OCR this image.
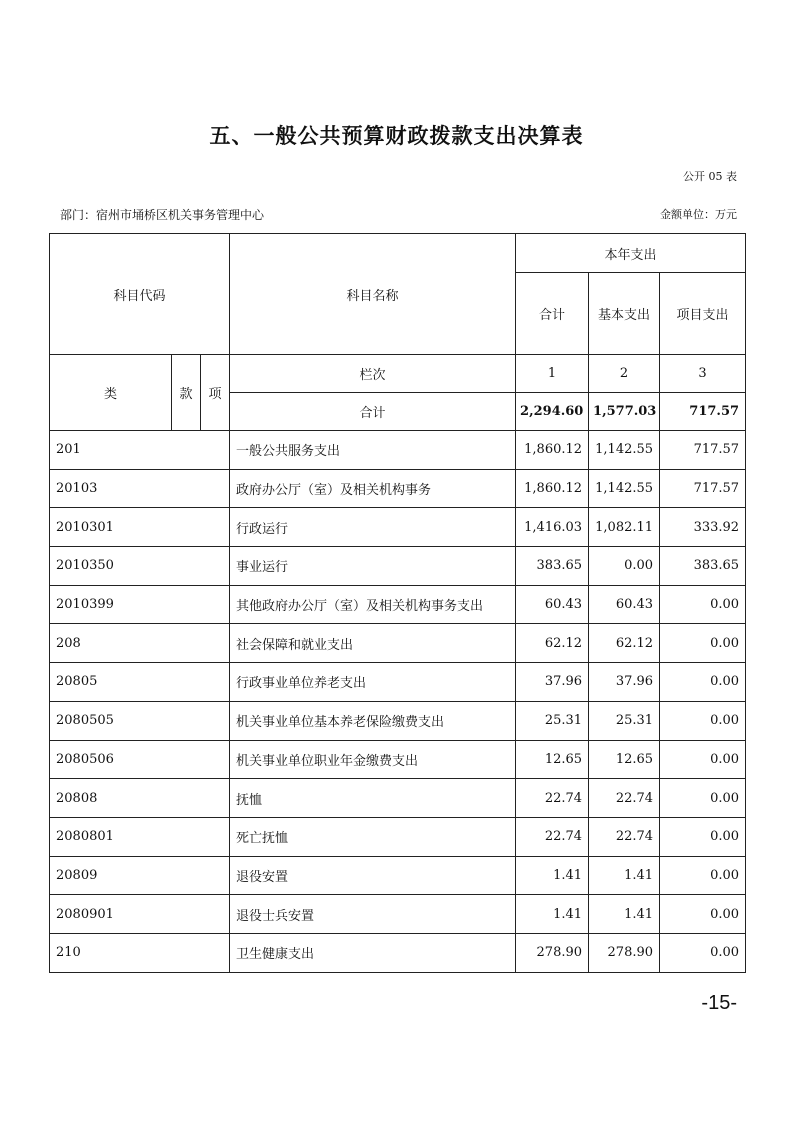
五、一般公共预算财政拨款支出决算表
公开 05 表
部门：宿州市埇桥区机关事务管理中心	金额单位：万元
科目代码			科目名称	本年支出		
				合计	基本支出	项目支出
类	款	项	栏次	1	2	3
			合计	2,294.60	1,577.03	717.57
201			一般公共服务支出	1,860.12	1,142.55	717.57
20103			政府办公厅（室）及相关机构事务	1,860.12	1,142.55	717.57
2010301			行政运行	1,416.03	1,082.11	333.92
2010350			事业运行	383.65	0.00	383.65
2010399			其他政府办公厅（室）及相关机构事务支出	60.43	60.43	0.00
208			社会保障和就业支出	62.12	62.12	0.00
20805			行政事业单位养老支出	37.96	37.96	0.00
2080505			机关事业单位基本养老保险缴费支出	25.31	25.31	0.00
2080506			机关事业单位职业年金缴费支出	12.65	12.65	0.00
20808			抚恤	22.74	22.74	0.00
2080801			死亡抚恤	22.74	22.74	0.00
20809			退役安置	1.41	1.41	0.00
2080901			退役士兵安置	1.41	1.41	0.00
210			卫生健康支出	278.90	278.90	0.00
-15-
